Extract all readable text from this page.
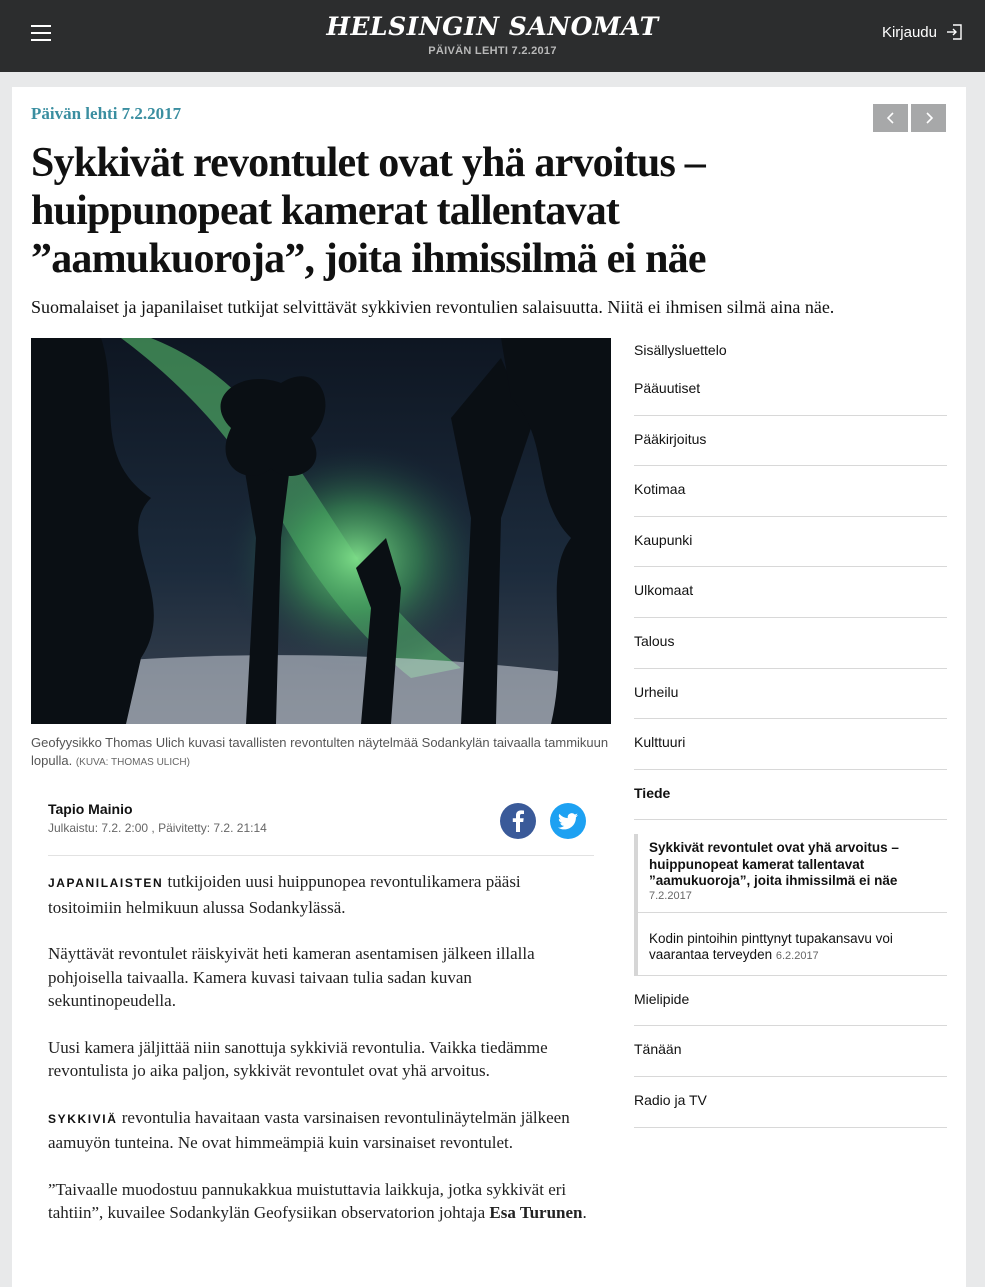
HELSINGIN SANOMAT
PÄIVÄN LEHTI 7.2.2017
Kirjaudu
Päivän lehti 7.2.2017
Sykkivät revontulet ovat yhä arvoitus – huippunopeat kamerat tallentavat ”aamukuoroja”, joita ihmissilmä ei näe

Suomalaiset ja japanilaiset tutkijat selvittävät sykkivien revontulien salaisuutta. Niitä ei ihmisen silmä aina näe.

Geofyysikko Thomas Ulich kuvasi tavallisten revontulten näytelmää Sodankylän taivaalla tammikuun lopulla. (KUVA: THOMAS ULICH)
Tapio Mainio
Julkaistu: 7.2. 2:00 , Päivitetty: 7.2. 21:14

JAPANILAISTEN tutkijoiden uusi huippunopea revontulikamera pääsi tositoimiin helmikuun alussa Sodankylässä.

Näyttävät revontulet räiskyivät heti kameran asentamisen jälkeen illalla pohjoisella taivaalla. Kamera kuvasi taivaan tulia sadan kuvan sekuntinopeudella.

Uusi kamera jäljittää niin sanottuja sykkiviä revontulia. Vaikka tiedämme revontulista jo aika paljon, sykkivät revontulet ovat yhä arvoitus.

SYKKIVIÄ revontulia havaitaan vasta varsinaisen revontulinäytelmän jälkeen aamuyön tunteina. Ne ovat himmeämpiä kuin varsinaiset revontulet.

”Taivaalle muodostuu pannukakkua muistuttavia laikkuja, jotka sykkivät eri tahtiin”, kuvailee Sodankylän Geofysiikan observatorion johtaja Esa Turunen.

Sisällysluettelo
Pääuutiset
Pääkirjoitus
Kotimaa
Kaupunki
Ulkomaat
Talous
Urheilu
Kulttuuri
Tiede
Sykkivät revontulet ovat yhä arvoitus – huippunopeat kamerat tallentavat ”aamukuoroja”, joita ihmissilmä ei näe
7.2.2017
Kodin pintoihin pinttynyt tupakansavu voi vaarantaa terveyden 6.2.2017
Mielipide
Tänään
Radio ja TV
